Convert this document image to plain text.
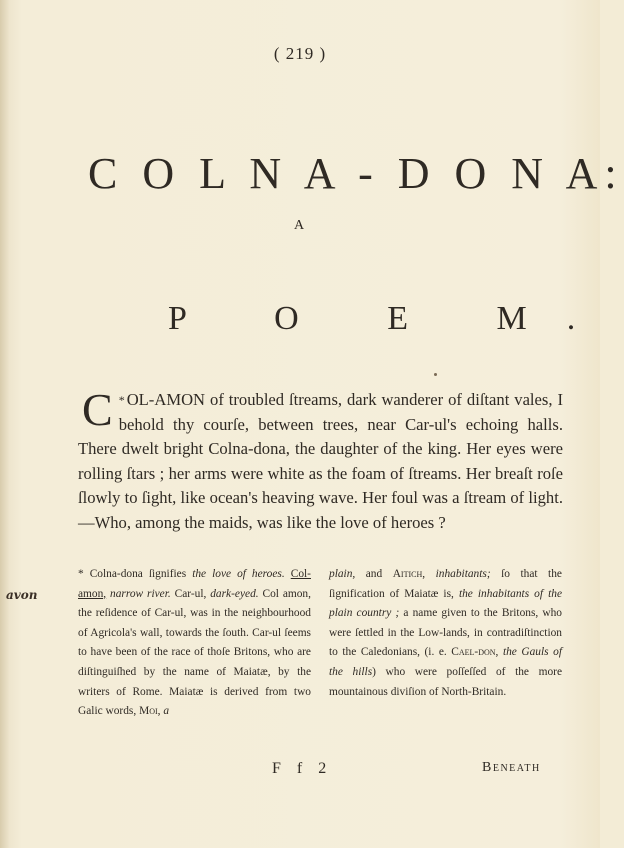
( 219 )
C O L N A - D O N A:
A
P O E M.
*
C OL-AMON of troubled ſtreams, dark wanderer of diſtant vales, I behold thy courſe, between trees, near Car-ul's echoing halls. There dwelt bright Colna-dona, the daughter of the king. Her eyes were rolling ſtars ; her arms were white as the foam of ſtreams. Her breaſt roſe ſlowly to ſight, like ocean's heaving wave. Her foul was a ſtream of light.—Who, among the maids, was like the love of heroes ?
* Colna-dona ſignifies the love of heroes. Col-amon, narrow river. Car-ul, dark-eyed. Col amon, the reſidence of Car-ul, was in the neighbourhood of Agricola's wall, towards the ſouth. Car-ul ſeems to have been of the race of thoſe Britons, who are diſtinguiſhed by the name of Maiatæ, by the writers of Rome. Maiatæ is derived from two Galic words, Moi, a
plain, and Aitich, inhabitants; ſo that the ſignification of Maiatæ is, the inhabitants of the plain country ; a name given to the Britons, who were ſettled in the Low-lands, in contradiſtinction to the Caledonians, (i. e. Cael-don, the Gauls of the hills) who were poſſeſſed of the more mountainous diviſion of North-Britain.
avon
F f 2	Beneath
